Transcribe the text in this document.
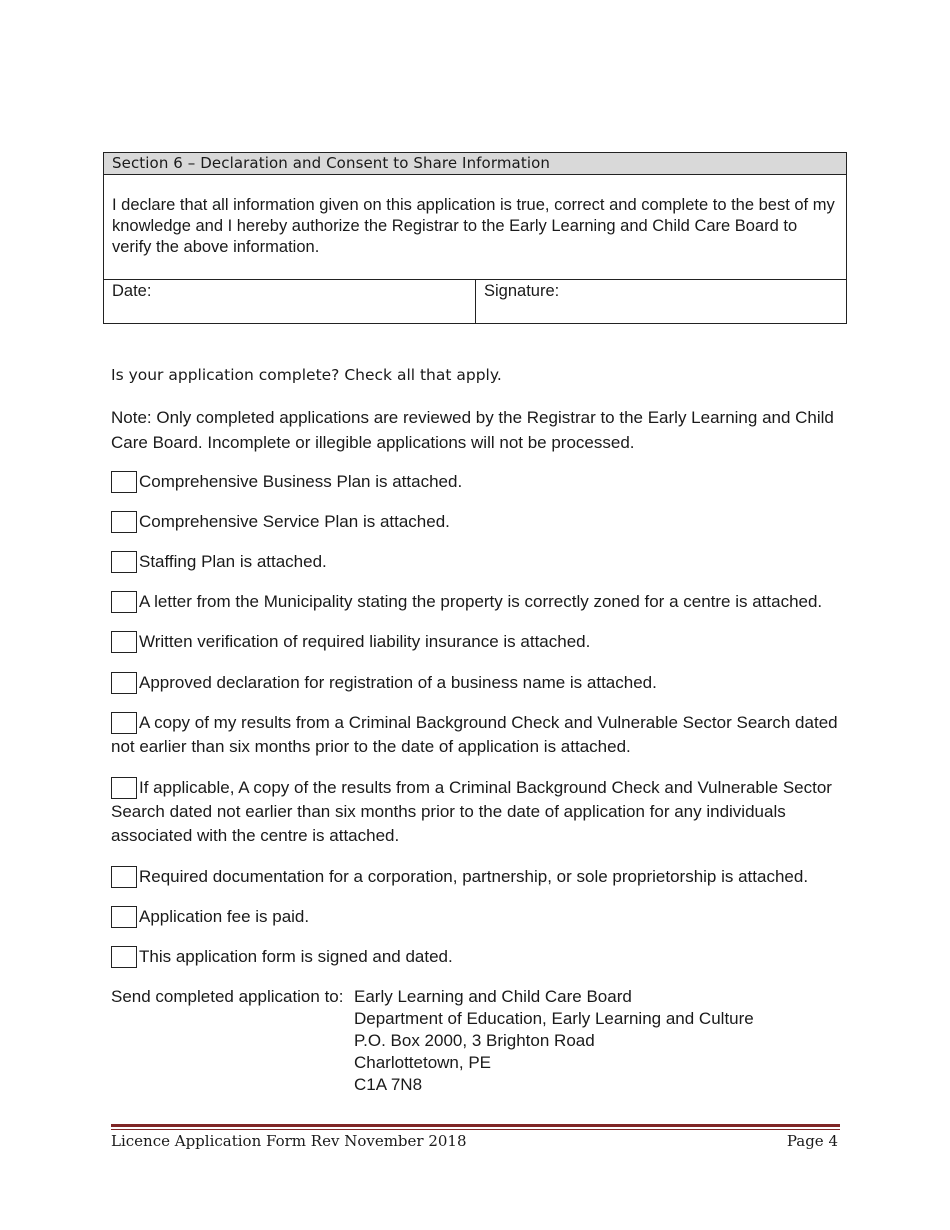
Section 6 – Declaration and Consent to Share Information
I declare that all information given on this application is true, correct and complete to the best of my knowledge and I hereby authorize the Registrar to the Early Learning and Child Care Board to verify the above information.
Date:	Signature:
Is your application complete? Check all that apply.
Note: Only completed applications are reviewed by the Registrar to the Early Learning and Child Care Board. Incomplete or illegible applications will not be processed.
Comprehensive Business Plan is attached.
Comprehensive Service Plan is attached.
Staffing Plan is attached.
A letter from the Municipality stating the property is correctly zoned for a centre is attached.
Written verification of required liability insurance is attached.
Approved declaration for registration of a business name is attached.
A copy of my results from a Criminal Background Check and Vulnerable Sector Search dated not earlier than six months prior to the date of application is attached.
If applicable, A copy of the results from a Criminal Background Check and Vulnerable Sector Search dated not earlier than six months prior to the date of application for any individuals associated with the centre is attached.
Required documentation for a corporation, partnership, or sole proprietorship is attached.
Application fee is paid.
This application form is signed and dated.
Send completed application to: Early Learning and Child Care Board
Department of Education, Early Learning and Culture
P.O. Box 2000, 3 Brighton Road
Charlottetown, PE
C1A 7N8
Licence Application Form Rev November 2018	Page 4
